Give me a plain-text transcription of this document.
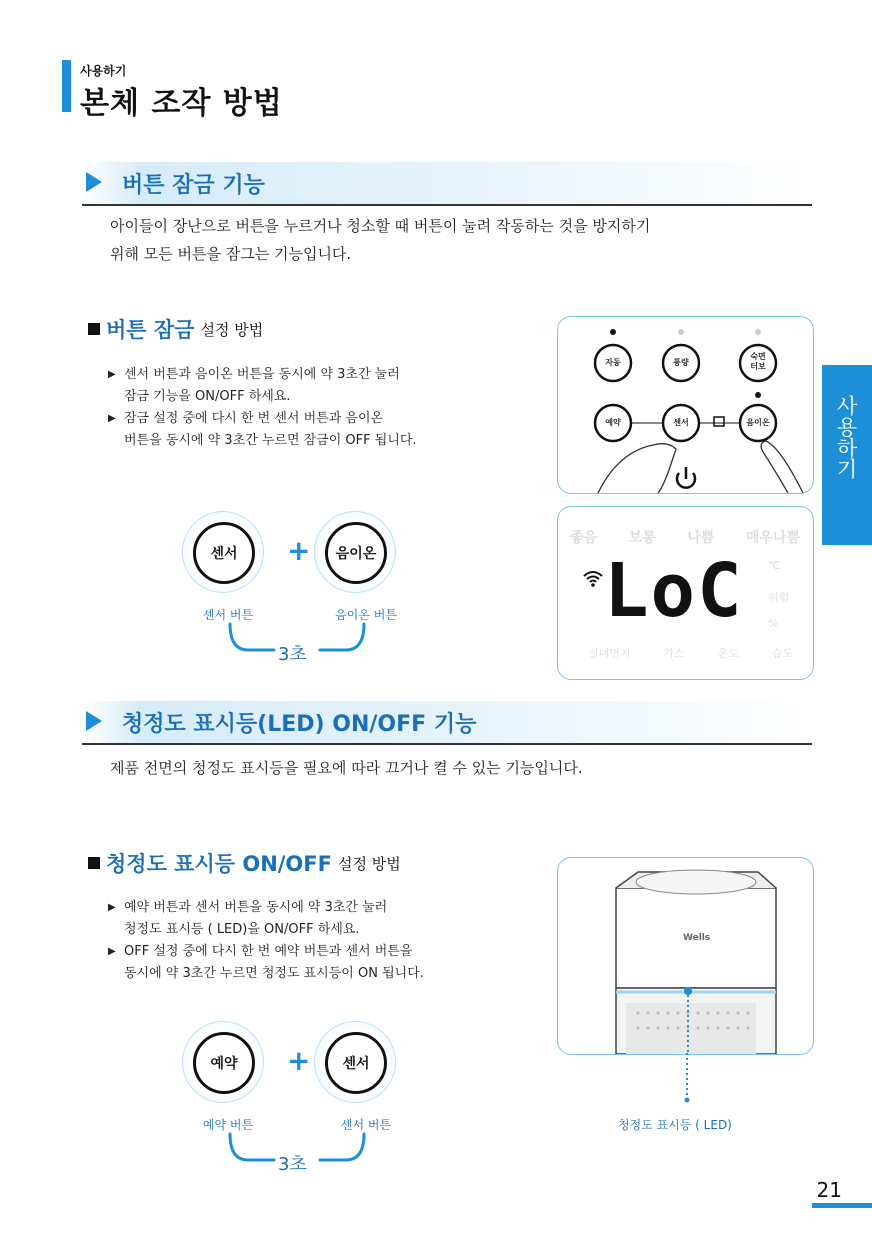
사용하기
본체 조작 방법
사용하기
버튼 잠금 기능
아이들이 장난으로 버튼을 누르거나 청소할 때 버튼이 눌려 작동하는 것을 방지하기
위해 모든 버튼을 잠그는 기능입니다.
버튼 잠금 설정 방법
▶ 센서 버튼과 음이온 버튼을 동시에 약 3초간 눌러
잠금 기능을 ON/OFF 하세요.
▶ 잠금 설정 중에 다시 한 번 센서 버튼과 음이온
버튼을 동시에 약 3초간 누르면 잠금이 OFF 됩니다.
센서	+	음이온
센서 버튼	음이온 버튼
3초
자동	풍량
숙면 터보
예약	센서	음이온
좋음 보통 나쁨 매우나쁨
LoC ℃
위험
%
실내먼지	가스	온도	습도
청정도 표시등(LED) ON/OFF 기능
제품 전면의 청정도 표시등을 필요에 따라 끄거나 켤 수 있는 기능입니다.
청정도 표시등 ON/OFF 설정 방법
▶ 예약 버튼과 센서 버튼을 동시에 약 3초간 눌러
청정도 표시등 ( LED)을 ON/OFF 하세요.
▶ OFF 설정 중에 다시 한 번 예약 버튼과 센서 버튼을
동시에 약 3초간 누르면 청정도 표시등이 ON 됩니다.
예약	+	센서
예약 버튼	센서 버튼
3초
Wells
청정도 표시등 ( LED)
21
